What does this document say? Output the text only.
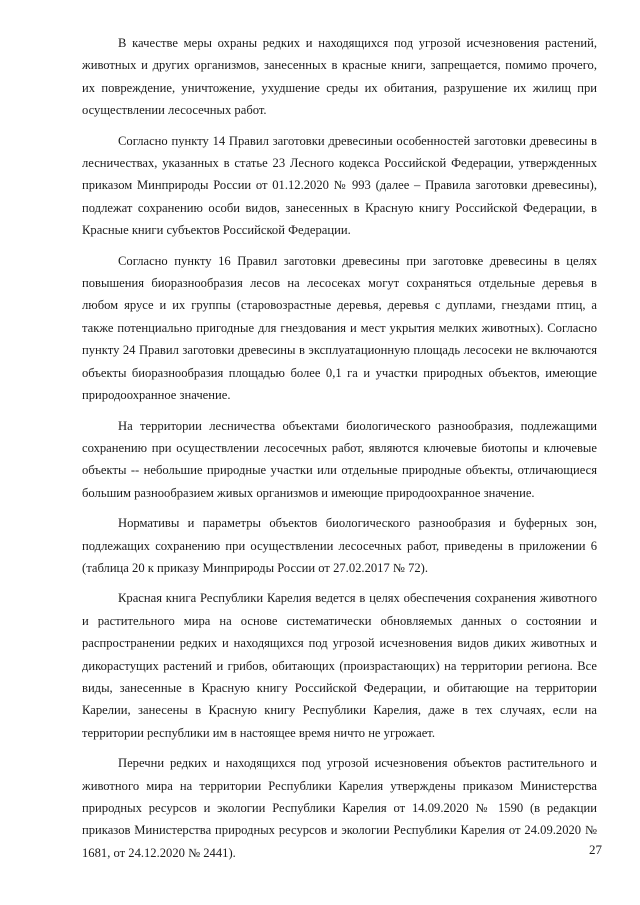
В качестве меры охраны редких и находящихся под угрозой исчезновения растений, животных и других организмов, занесенных в красные книги, запрещается, помимо прочего, их повреждение, уничтожение, ухудшение среды их обитания, разрушение их жилищ при осуществлении лесосечных работ.

Согласно пункту 14 Правил заготовки древесиныи особенностей заготовки древесины в лесничествах, указанных в статье 23 Лесного кодекса Российской Федерации, утвержденных приказом Минприроды России от 01.12.2020 № 993 (далее – Правила заготовки древесины), подлежат сохранению особи видов, занесенных в Красную книгу Российской Федерации, в Красные книги субъектов Российской Федерации.

Согласно пункту 16 Правил заготовки древесины при заготовке древесины в целях повышения биоразнообразия лесов на лесосеках могут сохраняться отдельные деревья в любом ярусе и их группы (старовозрастные деревья, деревья с дуплами, гнездами птиц, а также потенциально пригодные для гнездования и мест укрытия мелких животных). Согласно пункту 24 Правил заготовки древесины в эксплуатационную площадь лесосеки не включаются объекты биоразнообразия площадью более 0,1 га и участки природных объектов, имеющие природоохранное значение.

На территории лесничества объектами биологического разнообразия, подлежащими сохранению при осуществлении лесосечных работ, являются ключевые биотопы и ключевые объекты -- небольшие природные участки или отдельные природные объекты, отличающиеся большим разнообразием живых организмов и имеющие природоохранное значение.

Нормативы и параметры объектов биологического разнообразия и буферных зон, подлежащих сохранению при осуществлении лесосечных работ, приведены в приложении 6 (таблица 20 к приказу Минприроды России от 27.02.2017 № 72).

Красная книга Республики Карелия ведется в целях обеспечения сохранения животного и растительного мира на основе систематически обновляемых данных о состоянии и распространении редких и находящихся под угрозой исчезновения видов диких животных и дикорастущих растений и грибов, обитающих (произрастающих) на территории региона. Все виды, занесенные в Красную книгу Российской Федерации, и обитающие на территории Карелии, занесены в Красную книгу Республики Карелия, даже в тех случаях, если на территории республики им в настоящее время ничто не угрожает.

Перечни редких и находящихся под угрозой исчезновения объектов растительного и животного мира на территории Республики Карелия утверждены приказом Министерства природных ресурсов и экологии Республики Карелия от 14.09.2020 № 1590 (в редакции приказов Министерства природных ресурсов и экологии Республики Карелия от 24.09.2020 № 1681, от 24.12.2020 № 2441).	27
